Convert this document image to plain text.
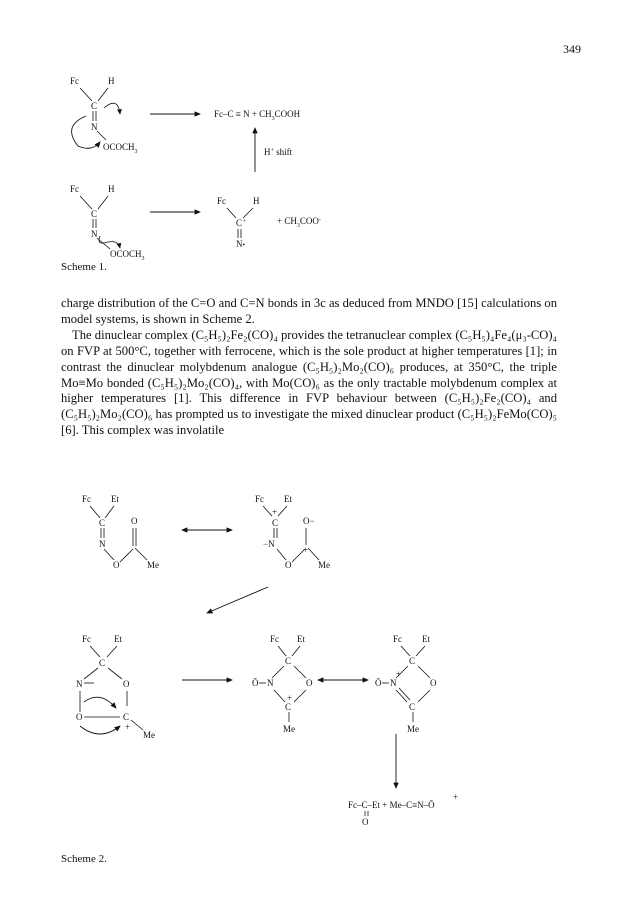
349
Fc	H
C
N
$OCOCH_3$
$Fc-C \equiv N + CH_3COOH$
H+ shift
Fc	H
C
N
$OCOCH_3$
Fc	H
C+
N•
+ $CH_3COO^-$
Scheme 1.

charge distribution of the C=O and C=N bonds in 3c as deduced from MNDO [15] calculations on model systems, is shown in Scheme 2.

The dinuclear complex (C₅H₅)₂Fe₂(CO)₄ provides the tetranuclear complex (C₅H₅)₄Fe₄(μ₃-CO)₄ on FVP at 500°C, together with ferrocene, which is the sole product at higher temperatures [1]; in contrast the dinuclear molybdenum analogue (C₅H₅)₂Mo₂(CO)₆ produces, at 350°C, the triple Mo≡Mo bonded (C₅H₅)₂Mo₂(CO)₄, with Mo(CO)₆ as the only tractable molybdenum complex at higher temperatures [1]. This difference in FVP behaviour between (C₅H₅)₂Fe₂(CO)₄ and (C₅H₅)₂Mo₂(CO)₆ has prompted us to investigate the mixed dinuclear product (C₅H₅)₂FeMo(CO)₅ [6]. This complex was involatile

Fc Et
C
N
O
O
Me
Fc Et
+
C
−N
O
O−
+
Me
Fc	Et
C
N	O
O	C
+
Me
Fc Et
C
Ō N	O
+
C
Me
Fc Et
C
Ō N
+
O
C
Me
+
Fc–C–Et + Me–C≡N–Ō
O
Scheme 2.
